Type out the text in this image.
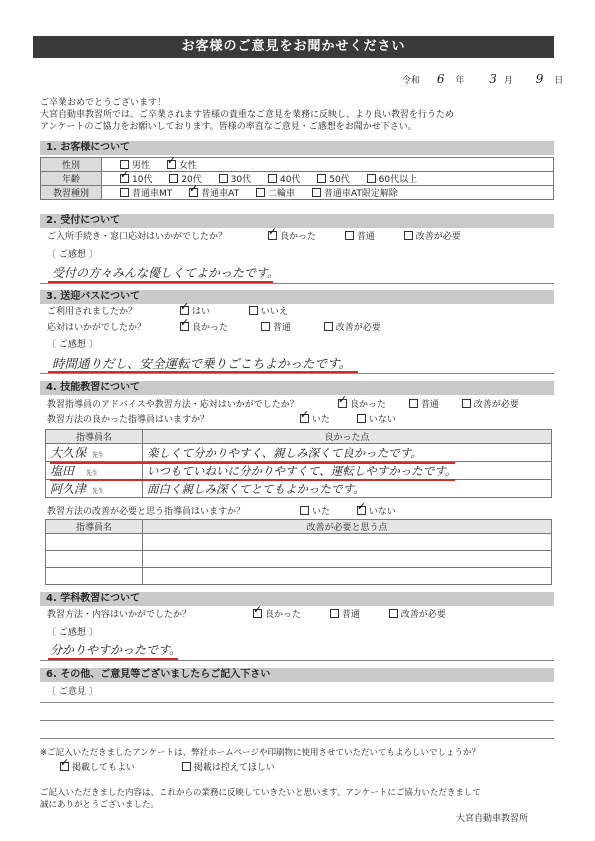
お客様のご意見をお聞かせください
令和 6 年 3 月 9 日
ご卒業おめでとうございます！
大宮自動車教習所では、ご卒業されます皆様の貴重なご意見を業務に反映し、より良い教習を行うため
アンケートのご協力をお願いしております。皆様の率直なご意見・ご感想をお聞かせ下さい。
1. お客様について
性別	男性 ✓ 女性
年齢	✓ 10代 20代 30代 40代 50代 60代以上
教習種別	普通車MT ✓ 普通車AT 二輪車 普通車AT限定解除
2. 受付について
ご入所手続き・窓口応対はいかがでしたか？	✓ 良かった	普通	改善が必要
〔 ご感想 〕
受付の方々みんな優しくてよかったです。
3. 送迎バスについて
ご利用されましたか？	✓ はい	いいえ
応対はいかがでしたか？	✓ 良かった	普通	改善が必要
〔 ご感想 〕
時間通りだし、安全運転で乗りごこちよかったです。
4. 技能教習について
教習指導員のアドバイスや教習方法・応対はいかがでしたか？	✓ 良かった	普通	改善が必要
教習方法の良かった指導員はいますか？	✓ いた	いない
指導員名	良かった点
大久保 先生	楽しくて分かりやすく、親しみ深くて良かったです。
塩田 先生	いつもていねいに分かりやすくて、運転しやすかったです。
阿久津 先生	面白く親しみ深くてとてもよかったです。
教習方法の改善が必要と思う指導員はいますか？	いた ✓ いない
指導員名	改善が必要と思う点

4. 学科教習について
教習方法・内容はいかがでしたか？	✓ 良かった	普通	改善が必要
〔 ご感想 〕
分かりやすかったです。
6. その他、ご意見等ございましたらご記入下さい
〔 ご意見 〕
※ご記入いただきましたアンケートは、弊社ホームページや印刷物に使用させていただいてもよろしいでしょうか？
✓ 掲載してもよい	掲載は控えてほしい
ご記入いただきました内容は、これからの業務に反映していきたいと思います。アンケートにご協力いただきまして
誠にありがとうございました。
大宮自動車教習所
